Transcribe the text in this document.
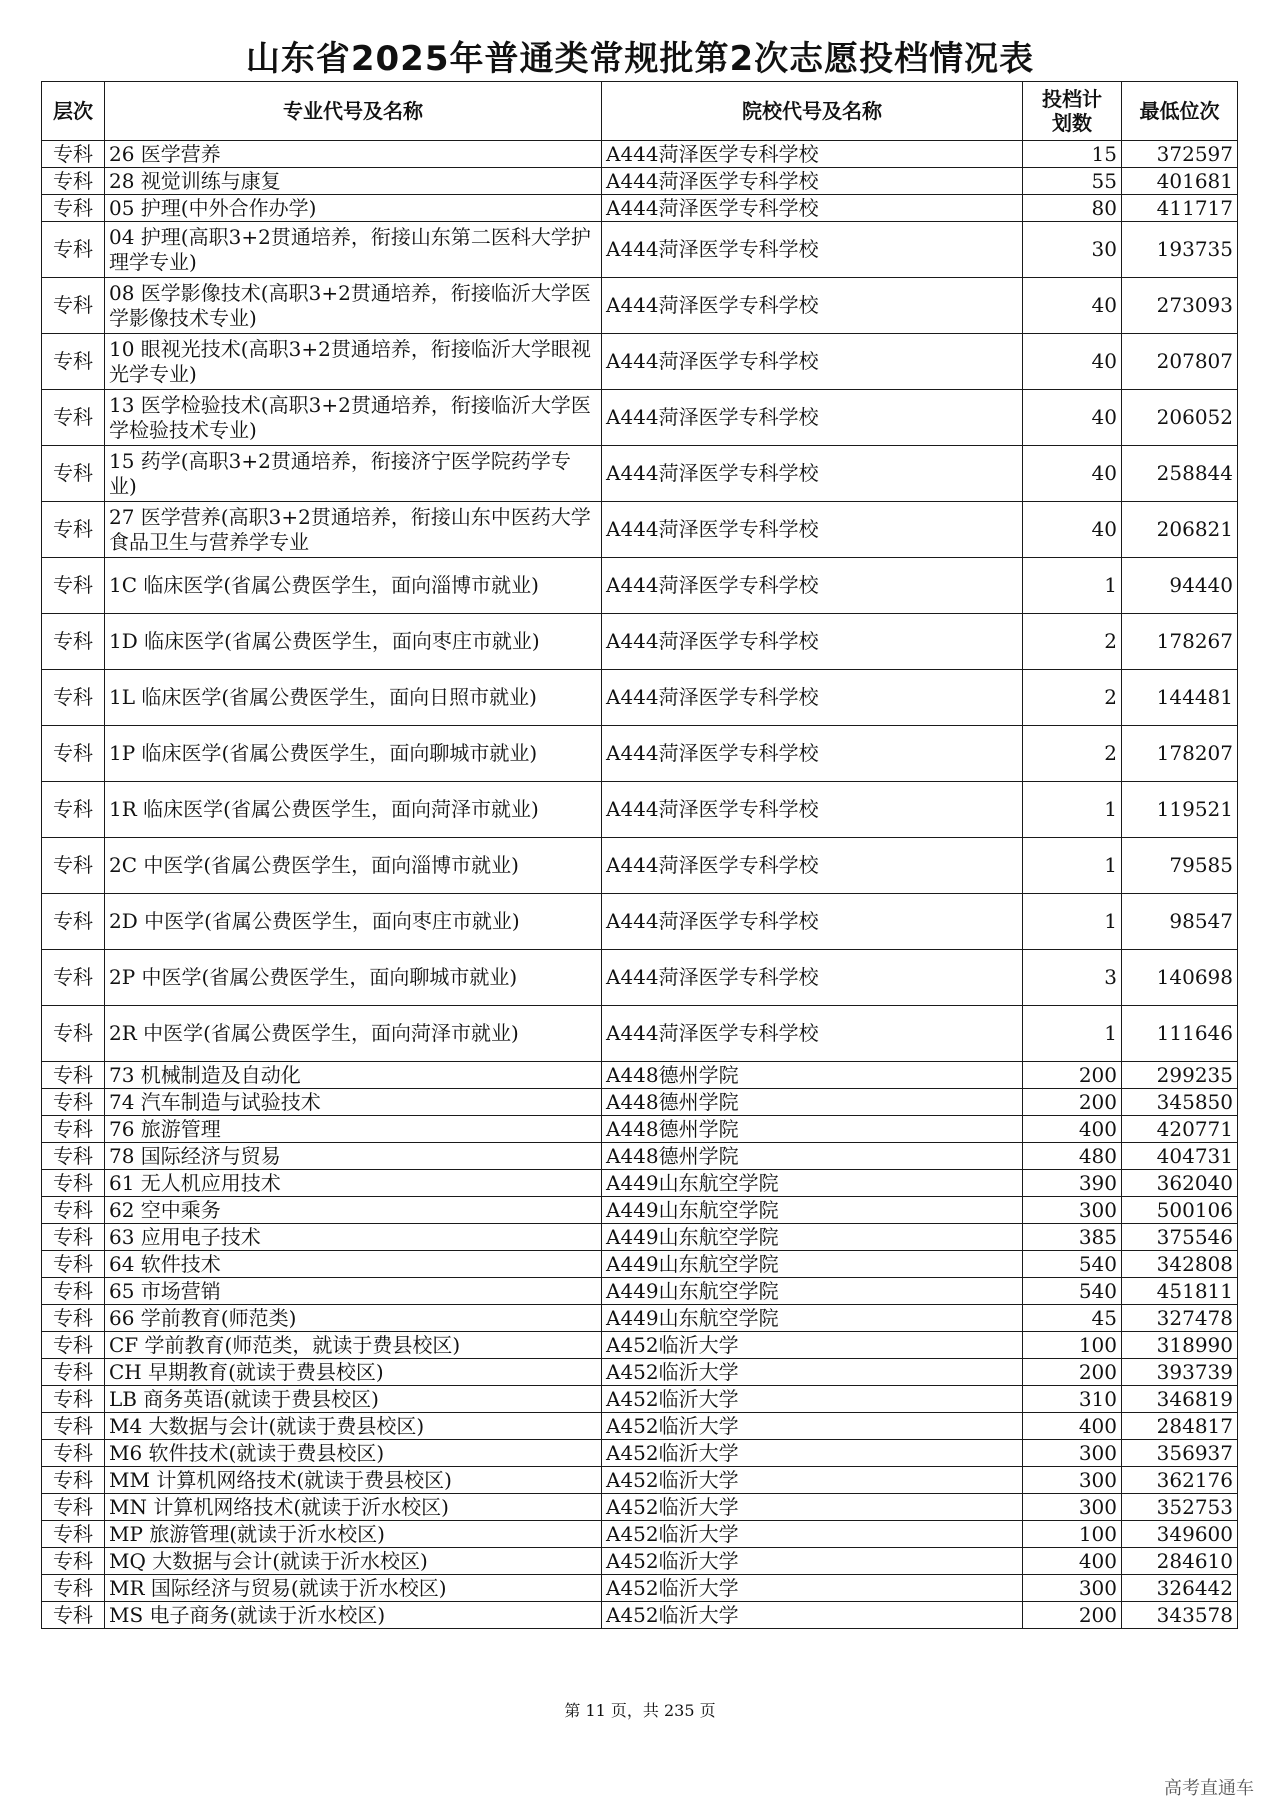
山东省2025年普通类常规批第2次志愿投档情况表
层次	专业代号及名称	院校代号及名称	投档计划数	最低位次
专科	26 医学营养	A444菏泽医学专科学校	15	372597
专科	28 视觉训练与康复	A444菏泽医学专科学校	55	401681
专科	05 护理(中外合作办学)	A444菏泽医学专科学校	80	411717
专科	04 护理(高职3+2贯通培养，衔接山东第二医科大学护理学专业)	A444菏泽医学专科学校	30	193735
专科	08 医学影像技术(高职3+2贯通培养，衔接临沂大学医学影像技术专业)	A444菏泽医学专科学校	40	273093
专科	10 眼视光技术(高职3+2贯通培养，衔接临沂大学眼视光学专业)	A444菏泽医学专科学校	40	207807
专科	13 医学检验技术(高职3+2贯通培养，衔接临沂大学医学检验技术专业)	A444菏泽医学专科学校	40	206052
专科	15 药学(高职3+2贯通培养，衔接济宁医学院药学专业)	A444菏泽医学专科学校	40	258844
专科	27 医学营养(高职3+2贯通培养，衔接山东中医药大学食品卫生与营养学专业	A444菏泽医学专科学校	40	206821
专科	1C 临床医学(省属公费医学生，面向淄博市就业)	A444菏泽医学专科学校	1	94440
专科	1D 临床医学(省属公费医学生，面向枣庄市就业)	A444菏泽医学专科学校	2	178267
专科	1L 临床医学(省属公费医学生，面向日照市就业)	A444菏泽医学专科学校	2	144481
专科	1P 临床医学(省属公费医学生，面向聊城市就业)	A444菏泽医学专科学校	2	178207
专科	1R 临床医学(省属公费医学生，面向菏泽市就业)	A444菏泽医学专科学校	1	119521
专科	2C 中医学(省属公费医学生，面向淄博市就业)	A444菏泽医学专科学校	1	79585
专科	2D 中医学(省属公费医学生，面向枣庄市就业)	A444菏泽医学专科学校	1	98547
专科	2P 中医学(省属公费医学生，面向聊城市就业)	A444菏泽医学专科学校	3	140698
专科	2R 中医学(省属公费医学生，面向菏泽市就业)	A444菏泽医学专科学校	1	111646
专科	73 机械制造及自动化	A448德州学院	200	299235
专科	74 汽车制造与试验技术	A448德州学院	200	345850
专科	76 旅游管理	A448德州学院	400	420771
专科	78 国际经济与贸易	A448德州学院	480	404731
专科	61 无人机应用技术	A449山东航空学院	390	362040
专科	62 空中乘务	A449山东航空学院	300	500106
专科	63 应用电子技术	A449山东航空学院	385	375546
专科	64 软件技术	A449山东航空学院	540	342808
专科	65 市场营销	A449山东航空学院	540	451811
专科	66 学前教育(师范类)	A449山东航空学院	45	327478
专科	CF 学前教育(师范类，就读于费县校区)	A452临沂大学	100	318990
专科	CH 早期教育(就读于费县校区)	A452临沂大学	200	393739
专科	LB 商务英语(就读于费县校区)	A452临沂大学	310	346819
专科	M4 大数据与会计(就读于费县校区)	A452临沂大学	400	284817
专科	M6 软件技术(就读于费县校区)	A452临沂大学	300	356937
专科	MM 计算机网络技术(就读于费县校区)	A452临沂大学	300	362176
专科	MN 计算机网络技术(就读于沂水校区)	A452临沂大学	300	352753
专科	MP 旅游管理(就读于沂水校区)	A452临沂大学	100	349600
专科	MQ 大数据与会计(就读于沂水校区)	A452临沂大学	400	284610
专科	MR 国际经济与贸易(就读于沂水校区)	A452临沂大学	300	326442
专科	MS 电子商务(就读于沂水校区)	A452临沂大学	200	343578
第 11 页，共 235 页
高考直通车
